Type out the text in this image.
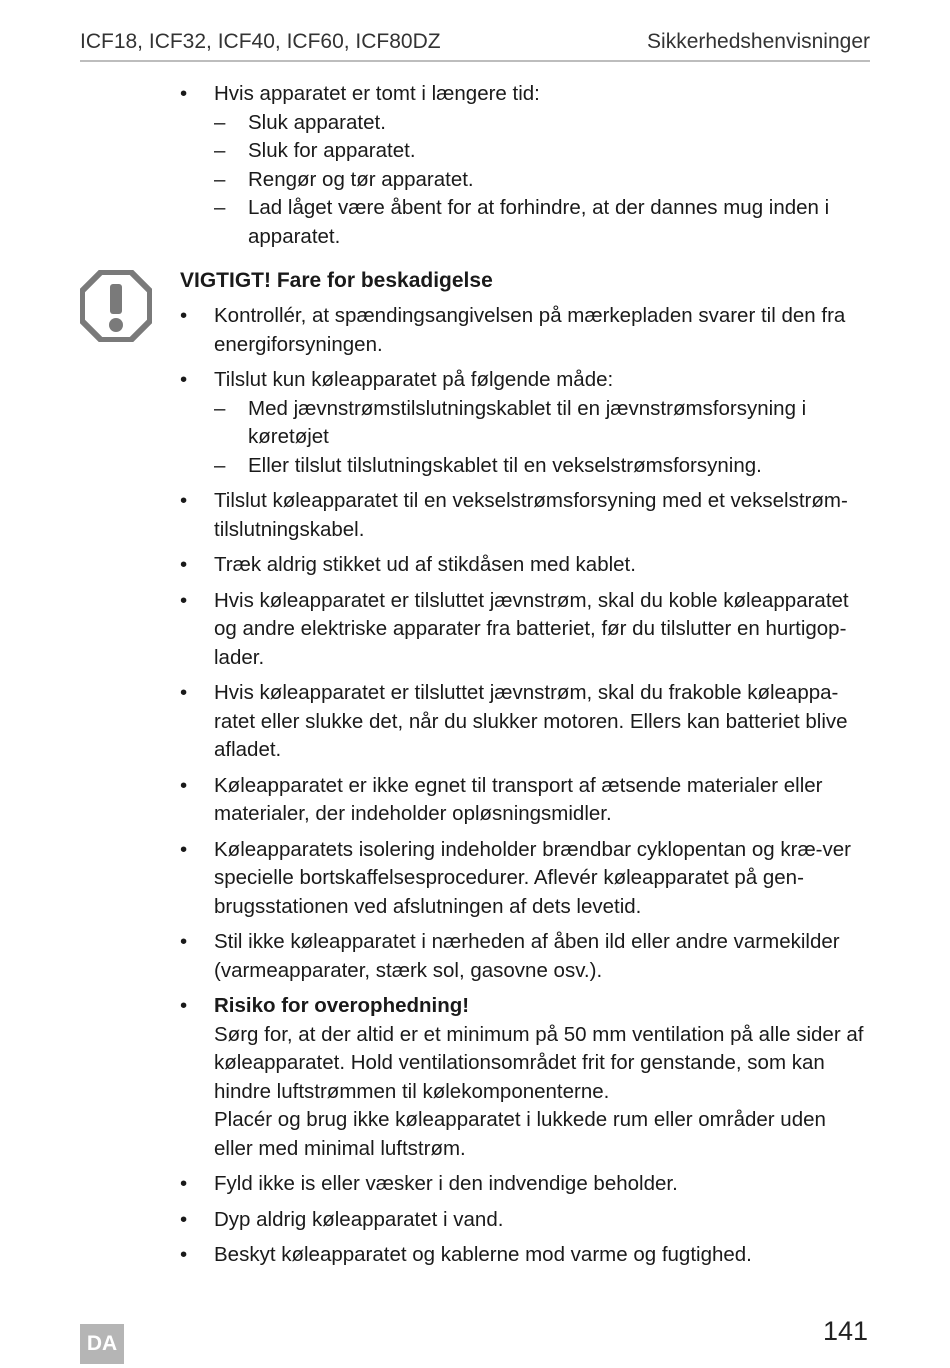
ICF18, ICF32, ICF40, ICF60, ICF80DZ	Sikkerhedshenvisninger
• Hvis apparatet er tomt i længere tid:
– Sluk apparatet.
– Sluk for apparatet.
– Rengør og tør apparatet.
– Lad låget være åbent for at forhindre, at der dannes mug inden i apparatet.
VIGTIGT! Fare for beskadigelse
• Kontrollér, at spændingsangivelsen på mærkepladen svarer til den fra energiforsyningen.
• Tilslut kun køleapparatet på følgende måde:
– Med jævnstrømstilslutningskablet til en jævnstrømsforsyning i køretøjet
– Eller tilslut tilslutningskablet til en vekselstrømsforsyning.
• Tilslut køleapparatet til en vekselstrømsforsyning med et vekselstrøm-tilslutningskabel.
• Træk aldrig stikket ud af stikdåsen med kablet.
• Hvis køleapparatet er tilsluttet jævnstrøm, skal du koble køleapparatet og andre elektriske apparater fra batteriet, før du tilslutter en hurtigop-lader.
• Hvis køleapparatet er tilsluttet jævnstrøm, skal du frakoble køleappa-ratet eller slukke det, når du slukker motoren. Ellers kan batteriet blive afladet.
• Køleapparatet er ikke egnet til transport af ætsende materialer eller materialer, der indeholder opløsningsmidler.
• Køleapparatets isolering indeholder brændbar cyklopentan og kræ-ver specielle bortskaffelsesprocedurer. Aflevér køleapparatet på gen-brugsstationen ved afslutningen af dets levetid.
• Stil ikke køleapparatet i nærheden af åben ild eller andre varmekilder (varmeapparater, stærk sol, gasovne osv.).
• Risiko for overophedning!
Sørg for, at der altid er et minimum på 50 mm ventilation på alle sider af køleapparatet. Hold ventilationsområdet frit for genstande, som kan hindre luftstrømmen til kølekomponenterne.
Placér og brug ikke køleapparatet i lukkede rum eller områder uden eller med minimal luftstrøm.
• Fyld ikke is eller væsker i den indvendige beholder.
• Dyp aldrig køleapparatet i vand.
• Beskyt køleapparatet og kablerne mod varme og fugtighed.
DA	141
